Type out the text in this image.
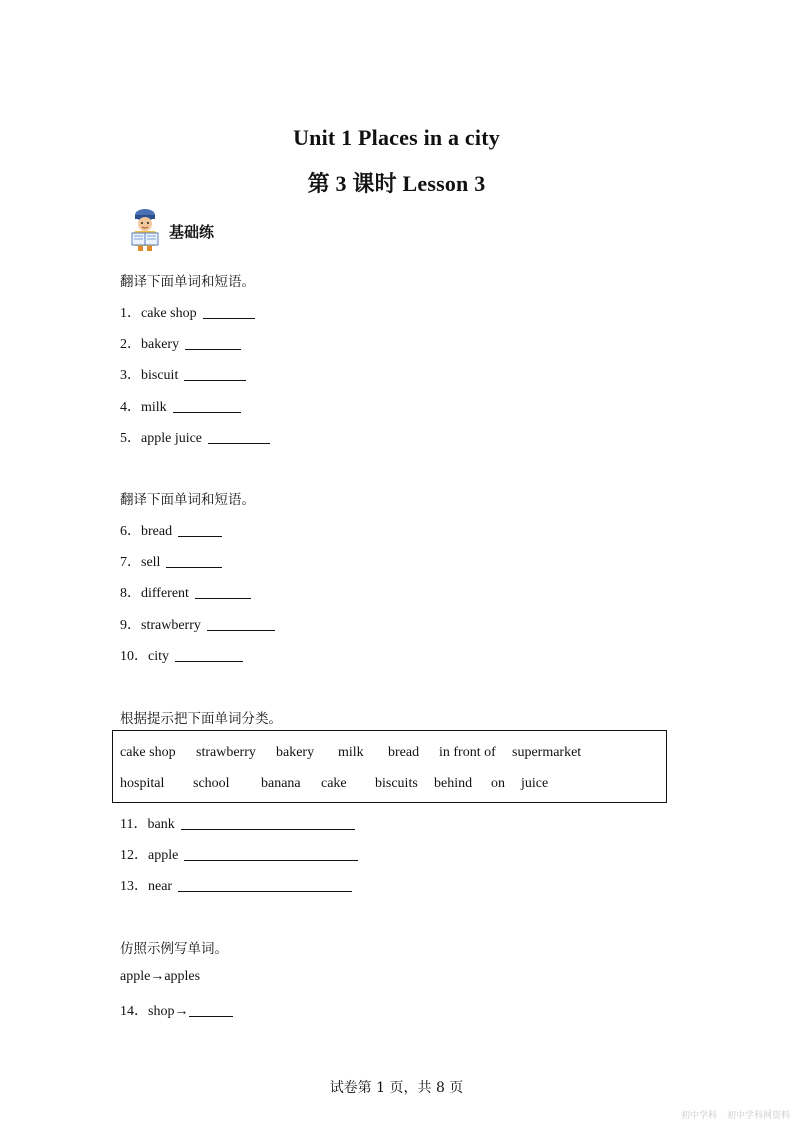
Unit 1 Places in a city
第 3 课时 Lesson 3
基础练
翻译下面单词和短语。
1．cake shop
2．bakery
3．biscuit
4．milk
5．apple juice
翻译下面单词和短语。
6．bread
7．sell
8．different
9．strawberry
10．city
根据提示把下面单词分类。
cake shop strawberry bakery milk bread in front of supermarket
hospital school banana cake biscuits behind on juice
11．bank
12．apple
13．near
仿照示例写单词。
apple→apples
14．shop→
试卷第 1 页，共 8 页
初中学科 初中学科网资料
